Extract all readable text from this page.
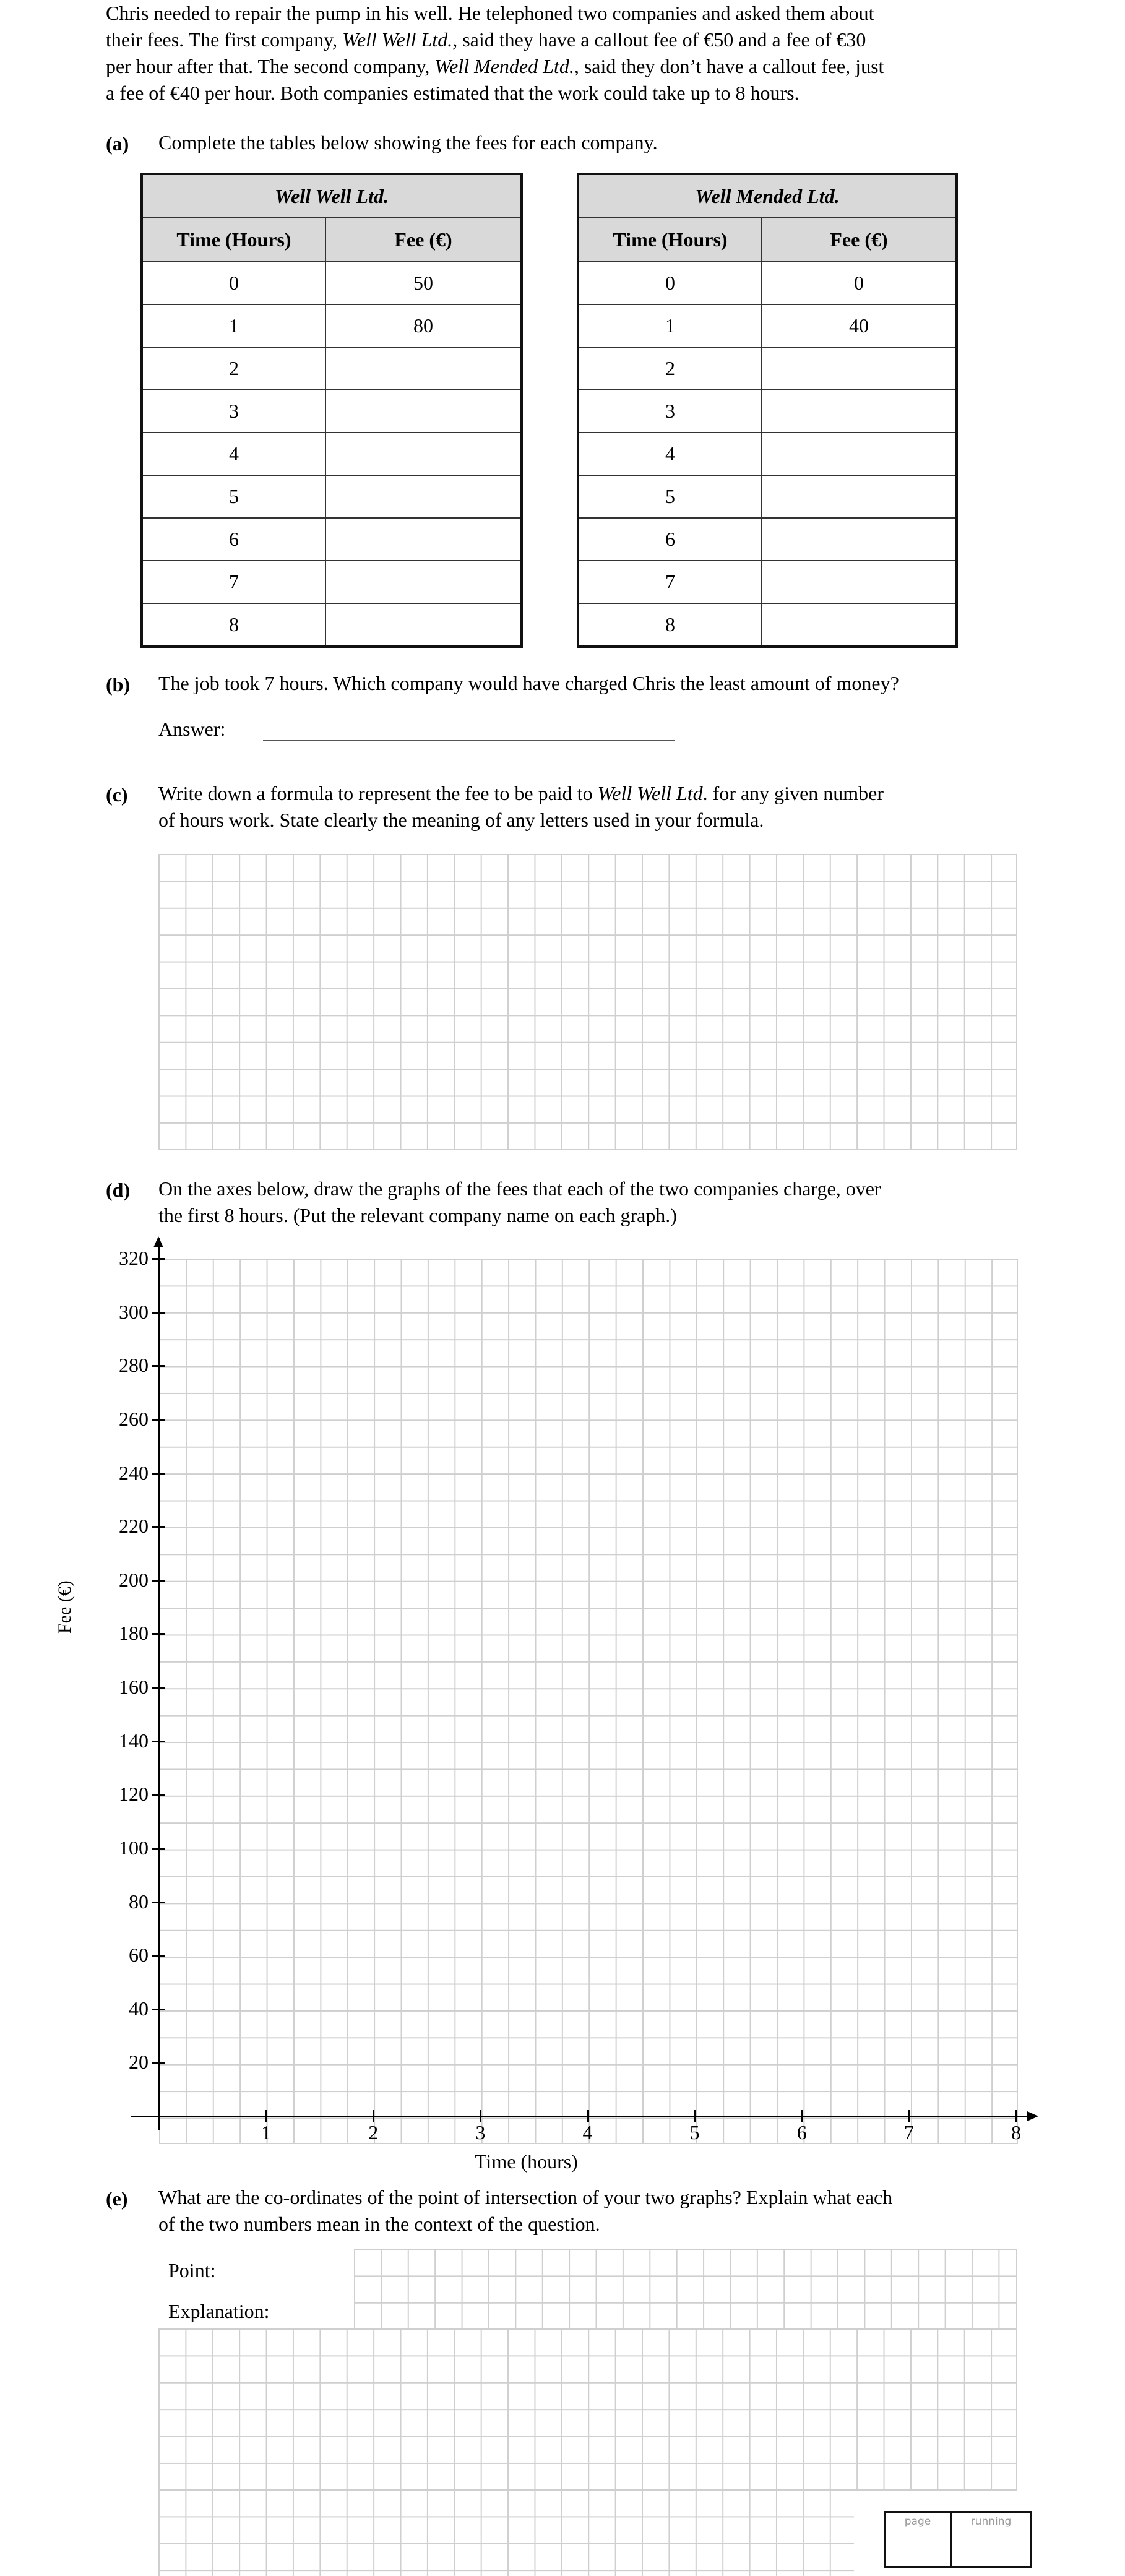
Chris needed to repair the pump in his well. He telephoned two companies and asked them about
their fees. The first company, Well Well Ltd., said they have a callout fee of €50 and a fee of €30
per hour after that. The second company, Well Mended Ltd., said they don’t have a callout fee, just
a fee of €40 per hour. Both companies estimated that the work could take up to 8 hours.
(a) Complete the tables below showing the fees for each company.
Well Well Ltd.	
Time (Hours)	Fee (€)
0	50
1	80
2	
3	
4	
5	
6	
7	
8	
Well Mended Ltd.	
Time (Hours)	Fee (€)
0	0
1	40
2	
3	
4	
5	
6	
7	
8	
(b) The job took 7 hours. Which company would have charged Chris the least amount of money?
Answer:
(c) Write down a formula to represent the fee to be paid to Well Well Ltd. for any given number
of hours work. State clearly the meaning of any letters used in your formula.
(d) On the axes below, draw the graphs of the fees that each of the two companies charge, over
the first 8 hours. (Put the relevant company name on each graph.)
20
40
60
80
100
120
140
160
180
200
220
240
260
280
300
320
1	2	3	4	5	6	7	8
Fee (€)
Time (hours)
(e) What are the co-ordinates of the point of intersection of your two graphs? Explain what each
of the two numbers mean in the context of the question.
Point:
Explanation:
page	running
